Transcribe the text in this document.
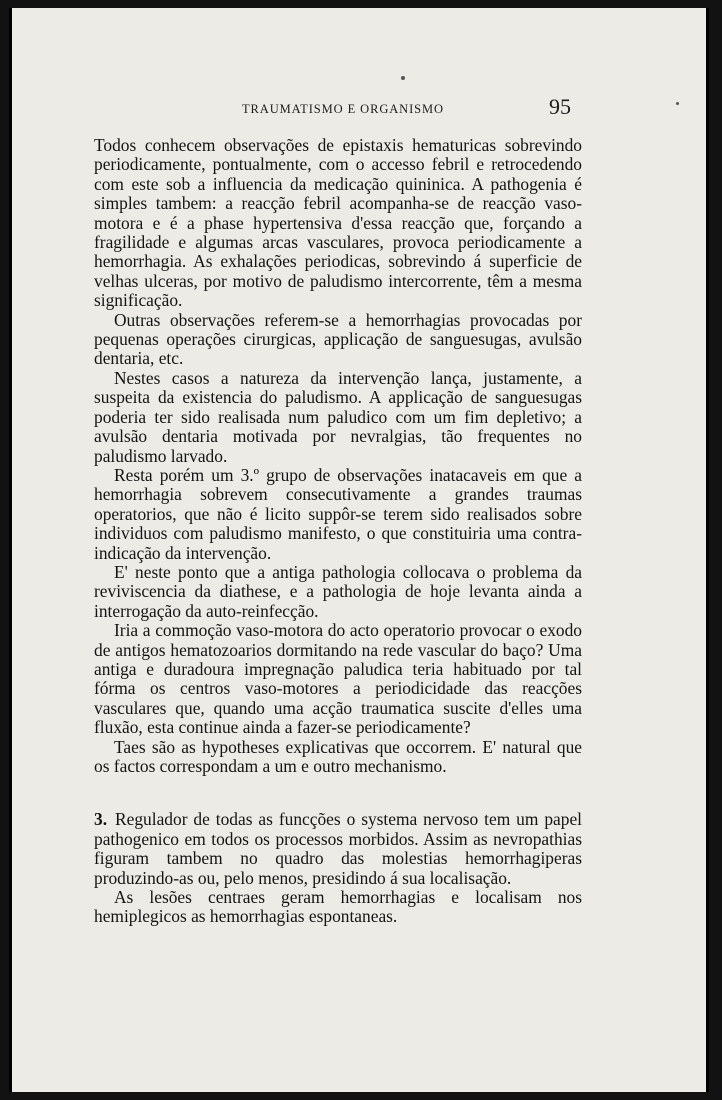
TRAUMATISMO E ORGANISMO	95

Todos conhecem observações de epistaxis hematuricas sobrevindo periodicamente, pontualmente, com o accesso febril e retrocedendo com este sob a influencia da medicação quininica. A pathogenia é simples tambem: a reacção febril acompanha-se de reacção vaso-motora e é a phase hypertensiva d'essa reacção que, forçando a fragilidade e algumas arcas vasculares, provoca periodicamente a hemorrhagia. As exhalações periodicas, sobrevindo á superficie de velhas ulceras, por motivo de paludismo intercorrente, têm a mesma significação.

Outras observações referem-se a hemorrhagias provocadas por pequenas operações cirurgicas, applicação de sanguesugas, avulsão dentaria, etc.

Nestes casos a natureza da intervenção lança, justamente, a suspeita da existencia do paludismo. A applicação de sanguesugas poderia ter sido realisada num paludico com um fim depletivo; a avulsão dentaria motivada por nevralgias, tão frequentes no paludismo larvado.

Resta porém um 3.º grupo de observações inatacaveis em que a hemorrhagia sobrevem consecutivamente a grandes traumas operatorios, que não é licito suppôr-se terem sido realisados sobre individuos com paludismo manifesto, o que constituiria uma contra-indicação da intervenção.

E' neste ponto que a antiga pathologia collocava o problema da reviviscencia da diathese, e a pathologia de hoje levanta ainda a interrogação da auto-reinfecção.

Iria a commoção vaso-motora do acto operatorio provocar o exodo de antigos hematozoarios dormitando na rede vascular do baço? Uma antiga e duradoura impregnação paludica teria habituado por tal fórma os centros vaso-motores a periodicidade das reacções vasculares que, quando uma acção traumatica suscite d'elles uma fluxão, esta continue ainda a fazer-se periodicamente?

Taes são as hypotheses explicativas que occorrem. E' natural que os factos correspondam a um e outro mechanismo.

3. Regulador de todas as funcções o systema nervoso tem um papel pathogenico em todos os processos morbidos. Assim as nevropathias figuram tambem no quadro das molestias hemorrhagiperas produzindo-as ou, pelo menos, presidindo á sua localisação.

As lesões centraes geram hemorrhagias e localisam nos hemiplegicos as hemorrhagias espontaneas.
